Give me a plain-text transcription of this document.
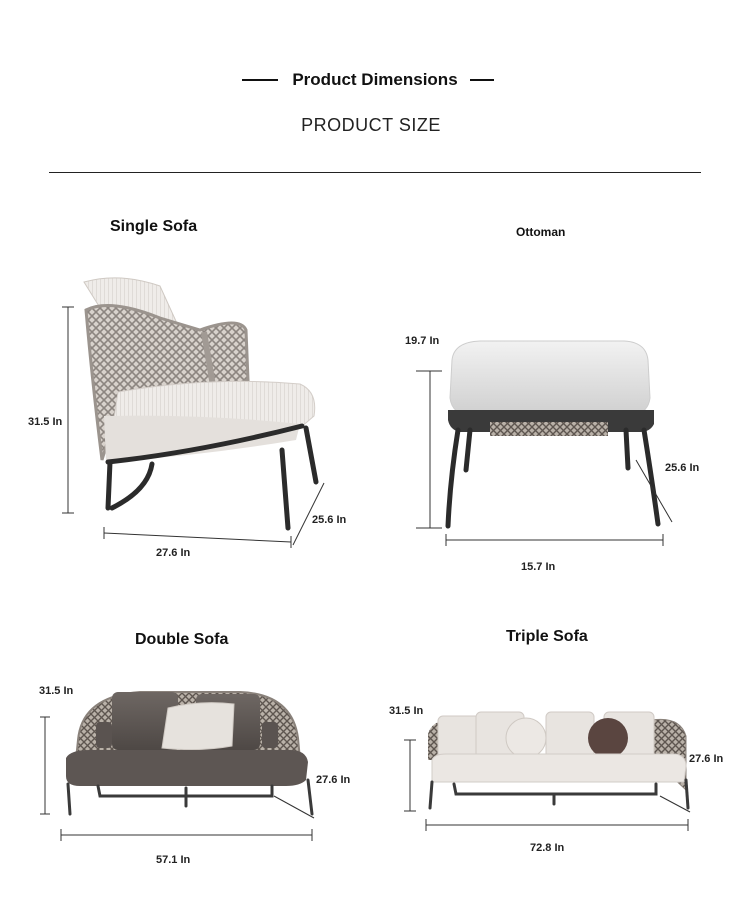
Product Dimensions
PRODUCT SIZE
Single Sofa	Ottoman
Double Sofa	Triple Sofa
31.5 In
25.6 In
27.6 In
19.7 In
25.6 In
15.7 In
31.5 In
27.6 In
57.1 In
31.5 In
27.6 In
72.8 In
